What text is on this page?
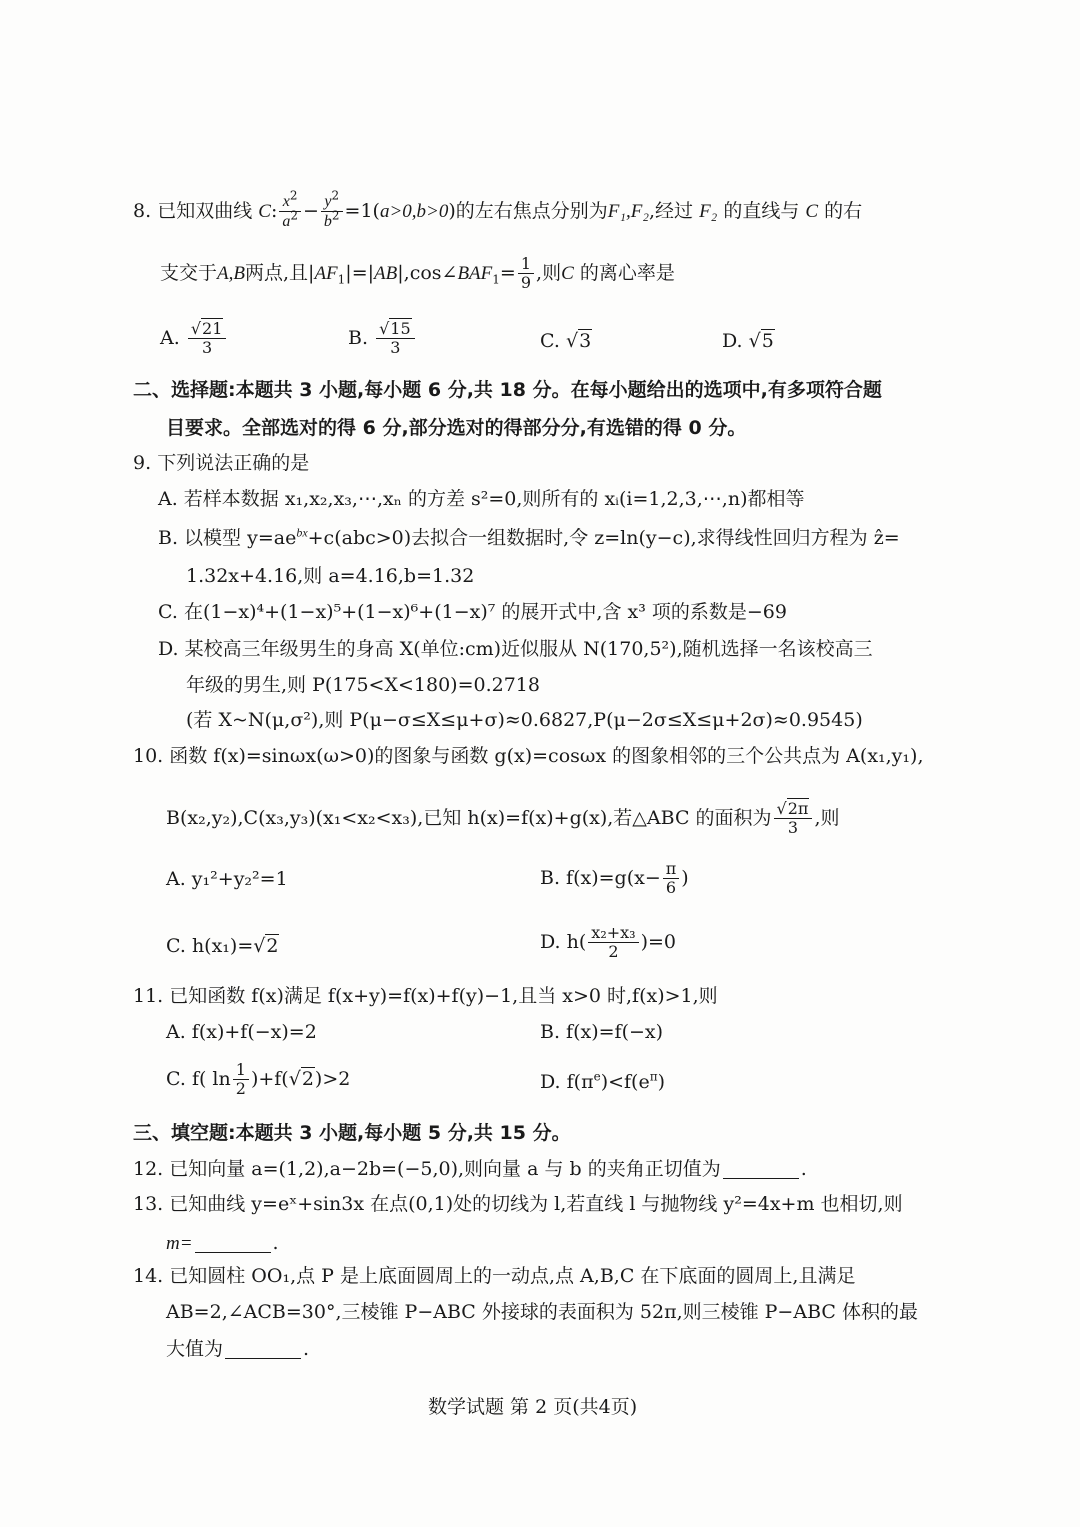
8. 已知双曲线 C: $\frac{x^2}{a^2} - \frac{y^2}{b^2} =1(a>0,b>0)$的左右焦点分别为F₁,F₂,经过 F₂ 的直线与 C 的右
支交于A,B两点,且$|AF_1|=|AB|,\cos\angle BAF_1= \frac{1}{9}$ ,则C 的离心率是
A. $\frac{√21}{3}$	B. $\frac{√15}{3}$	C. √3	D. √5
二、选择题:本题共 3 小题,每小题 6 分,共 18 分。在每小题给出的选项中,有多项符合题
目要求。全部选对的得 6 分,部分选对的得部分分,有选错的得 0 分。
9. 下列说法正确的是
A. 若样本数据 x₁,x₂,x₃,⋯,xₙ 的方差 s²=0,则所有的 xᵢ(i=1,2,3,⋯,n)都相等
B. 以模型 $y=ae^{bx}+c(abc>0)$去拟合一组数据时,令 z=ln(y−c),求得线性回归方程为 ẑ=
1.32x+4.16,则 a=4.16,b=1.32
C. 在(1−x)⁴+(1−x)⁵+(1−x)⁶+(1−x)⁷ 的展开式中,含 x³ 项的系数是−69
D. 某校高三年级男生的身高 X(单位:cm)近似服从 N(170,5²),随机选择一名该校高三
年级的男生,则 P(175<X<180)=0.2718
(若 X~N(μ,σ²),则 P(μ−σ≤X≤μ+σ)≈0.6827,P(μ−2σ≤X≤μ+2σ)≈0.9545)
10. 函数 f(x)=sinωx(ω>0)的图象与函数 g(x)=cosωx 的图象相邻的三个公共点为 A(x₁,y₁),
B(x₂,y₂),C(x₃,y₃)(x₁<x₂<x₃),已知 h(x)=f(x)+g(x),若△ABC 的面积为 $\frac{√2\pi}{3}$ ,则
A. y₁²+y₂²=1	B. $f(x)=g(x- \frac{\pi}{6}$ )
C. h(x₁)=√2	D. $h( \frac{\text{x₂+x₃}}{2} )=0$
11. 已知函数 f(x)满足 f(x+y)=f(x)+f(y)−1,且当 x>0 时,f(x)>1,则
A. f(x)+f(−x)=2	B. f(x)=f(−x)
C. f( $\ln \frac{1}{2} )+f(√2)>2$	D. $f(\pi^e)<f(e^\pi)$
三、填空题:本题共 3 小题,每小题 5 分,共 15 分。
12. 已知向量 a=(1,2),a−2b=(−5,0),则向量 a 与 b 的夹角正切值为	.
13. 已知曲线 y=eˣ+sin3x 在点(0,1)处的切线为 l,若直线 l 与抛物线 y²=4x+m 也相切,则
m=	.
14. 已知圆柱 OO₁,点 P 是上底面圆周上的一动点,点 A,B,C 在下底面的圆周上,且满足
AB=2,∠ACB=30°,三棱锥 P−ABC 外接球的表面积为 52π,则三棱锥 P−ABC 体积的最
大值为	.
数学试题 第 2 页(共4页)
